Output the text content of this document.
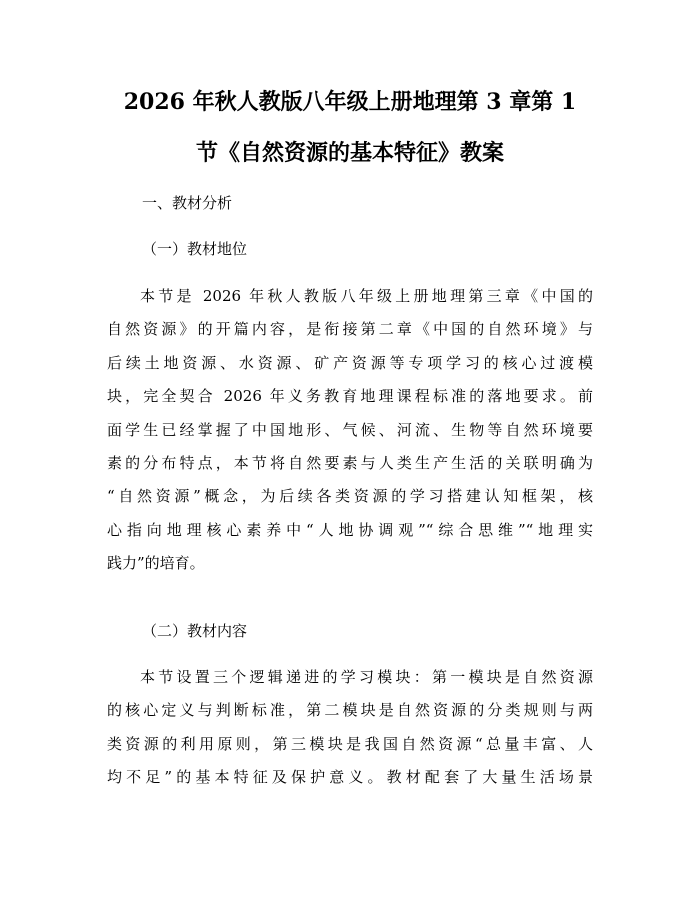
2026 年秋人教版八年级上册地理第 3 章第 1
节《自然资源的基本特征》教案
一、教材分析
（一）教材地位
本节是 2026 年秋人教版八年级上册地理第三章《中国的
自然资源》的开篇内容，是衔接第二章《中国的自然环境》与
后续土地资源、水资源、矿产资源等专项学习的核心过渡模
块，完全契合 2026 年义务教育地理课程标准的落地要求。前
面学生已经掌握了中国地形、气候、河流、生物等自然环境要
素的分布特点，本节将自然要素与人类生产生活的关联明确为
“自然资源”概念，为后续各类资源的学习搭建认知框架，核
心指向地理核心素养中“人地协调观”“综合思维”“地理实
践力”的培育。
（二）教材内容
本节设置三个逻辑递进的学习模块：第一模块是自然资源
的核心定义与判断标准，第二模块是自然资源的分类规则与两
类资源的利用原则，第三模块是我国自然资源“总量丰富、人
均不足”的基本特征及保护意义。教材配套了大量生活场景
